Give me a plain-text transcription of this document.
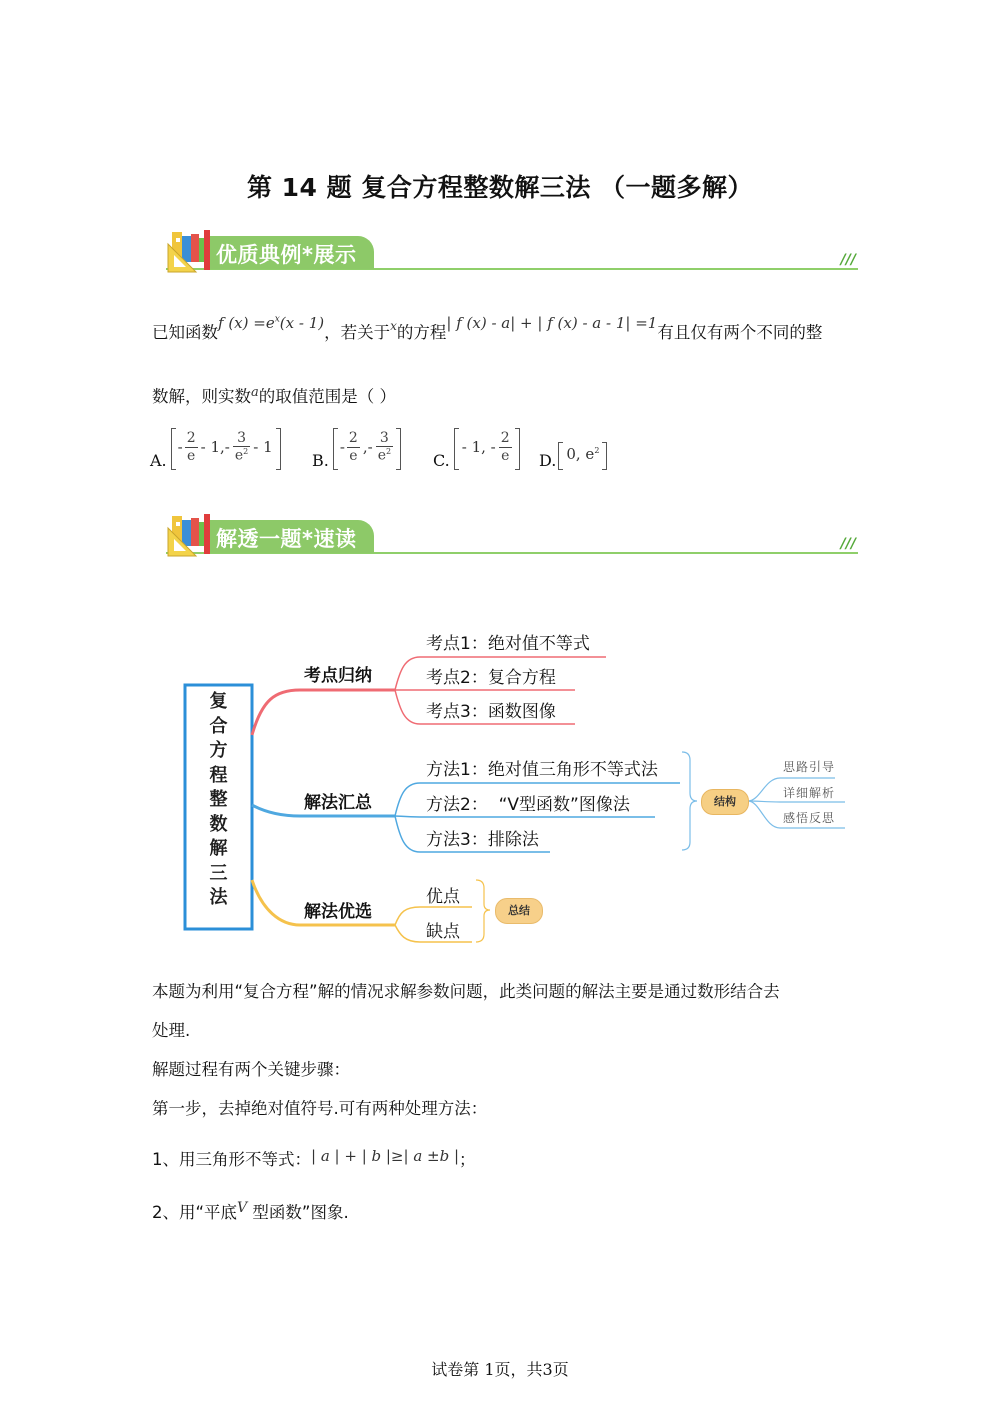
第 14 题 复合方程整数解三法 （一题多解）
优质典例*展示	///
已知函数f $(x) =e^x(x - 1)$，若关于$^x$的方程| f (x) - a| + | f (x) - a - 1| =1有且仅有两个不同的整
数解，则实数$^a$的取值范围是（ ）
A.
- $\frac{2}{e} - 1,- \frac{3}{e^2} - 1$
B.
- $\frac{2}{e}$ ,- $\frac{3}{e^2} C$.
- 1, - $\frac{2}{e} D$. 0, $e^2$
解透一题*速读	///
复
合
方
程
整
数
解
三
法
考点归纳
考点1：绝对值不等式
考点2：复合方程
考点3：函数图像
解法汇总
方法1：绝对值三角形不等式法
方法2：  “V型函数”图像法
方法3：排除法
结构
思路引导
详细解析
感悟反思
解法优选
优点
缺点
总结
本题为利用“复合方程”解的情况求解参数问题，此类问题的解法主要是通过数形结合去
处理.
解题过程有两个关键步骤：
第一步，去掉绝对值符号.可有两种处理方法：
1、用三角形不等式：| a | + | b |≥| a ±b |；
2、用“平底$^V$ 型函数”图象.
试卷第 1页，共3页
